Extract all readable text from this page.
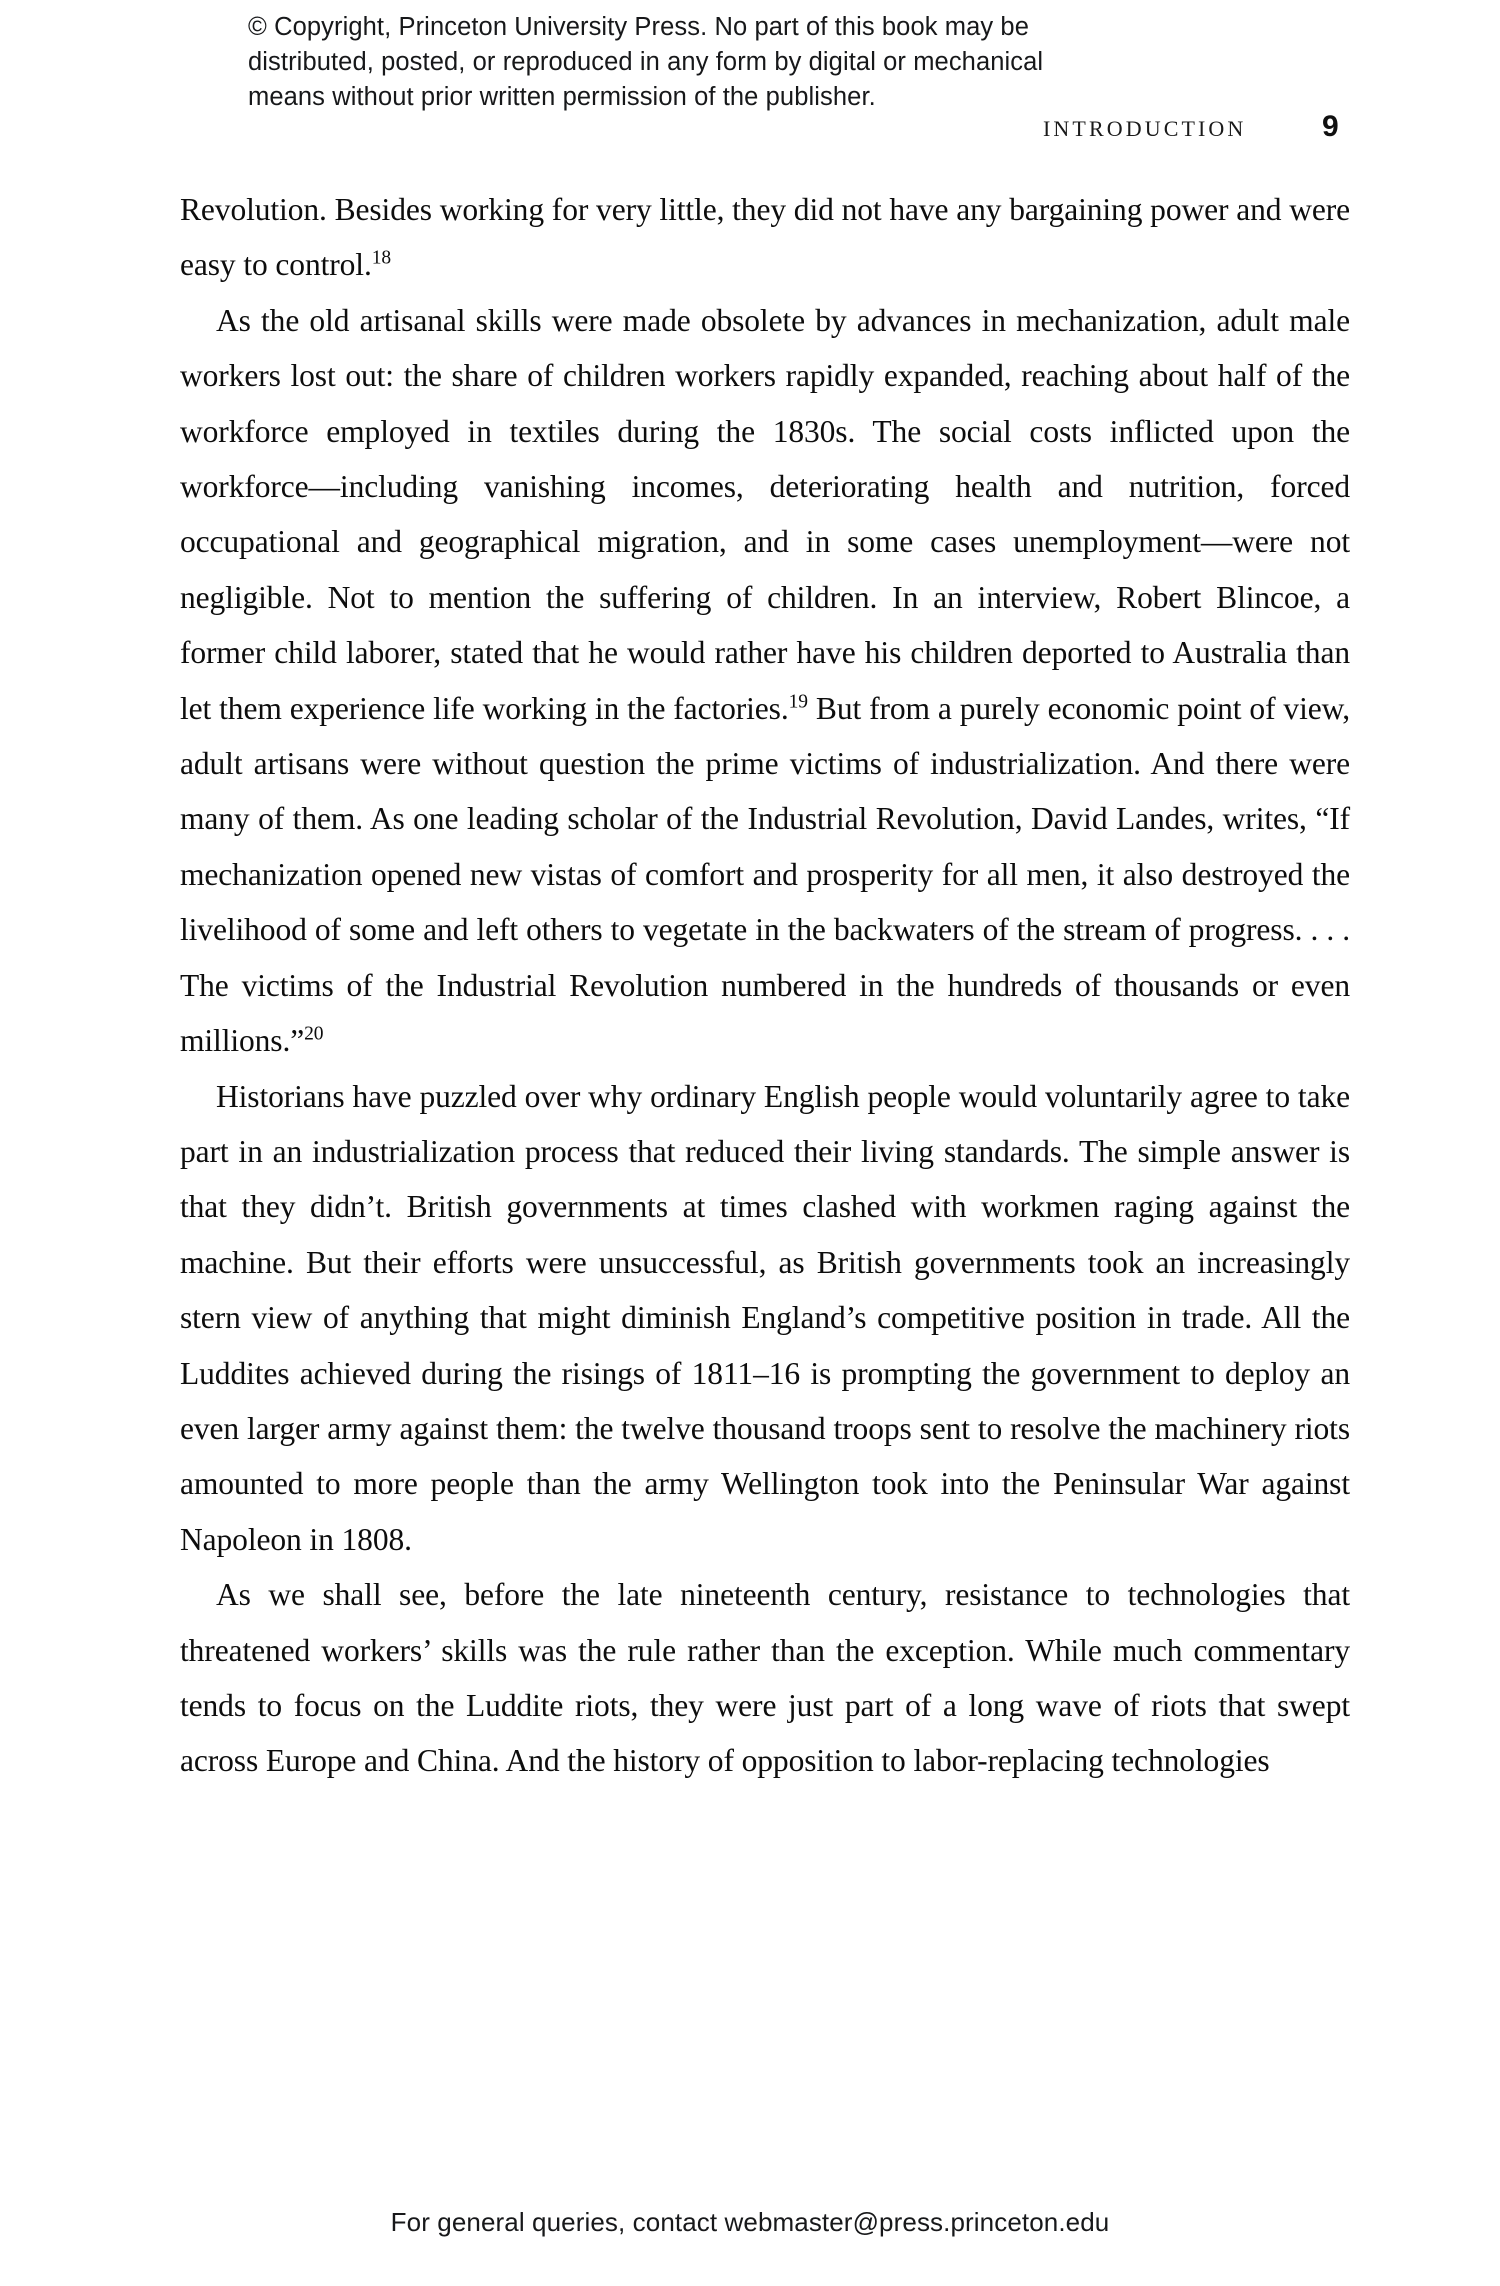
© Copyright, Princeton University Press. No part of this book may be
distributed, posted, or reproduced in any form by digital or mechanical
means without prior written permission of the publisher.
INTRODUCTION	9

Revolution. Besides working for very little, they did not have any bargaining power and were easy to control.$^{18}$

As the old artisanal skills were made obsolete by advances in mechanization, adult male workers lost out: the share of children workers rapidly expanded, reaching about half of the workforce employed in textiles during the 1830s. The social costs inflicted upon the workforce—including vanishing incomes, deteriorating health and nutrition, forced occupational and geographical migration, and in some cases unemployment—were not negligible. Not to mention the suffering of children. In an interview, Robert Blincoe, a former child laborer, stated that he would rather have his children deported to Australia than let them experience life working in the factories.$^{19}$ But from a purely economic point of view, adult artisans were without question the prime victims of industrialization. And there were many of them. As one leading scholar of the Industrial Revolution, David Landes, writes, “If mechanization opened new vistas of comfort and prosperity for all men, it also destroyed the livelihood of some and left others to vegetate in the backwaters of the stream of progress. . . . The victims of the Industrial Revolution numbered in the hundreds of thousands or even millions.”$^{20}$

Historians have puzzled over why ordinary English people would voluntarily agree to take part in an industrialization process that reduced their living standards. The simple answer is that they didn’t. British governments at times clashed with workmen raging against the machine. But their efforts were unsuccessful, as British governments took an increasingly stern view of anything that might diminish England’s competitive position in trade. All the Luddites achieved during the risings of 1811–16 is prompting the government to deploy an even larger army against them: the twelve thousand troops sent to resolve the machinery riots amounted to more people than the army Wellington took into the Peninsular War against Napoleon in 1808.

As we shall see, before the late nineteenth century, resistance to technologies that threatened workers’ skills was the rule rather than the exception. While much commentary tends to focus on the Luddite riots, they were just part of a long wave of riots that swept across Europe and China. And the history of opposition to labor-replacing technologies

For general queries, contact webmaster@press.princeton.edu
